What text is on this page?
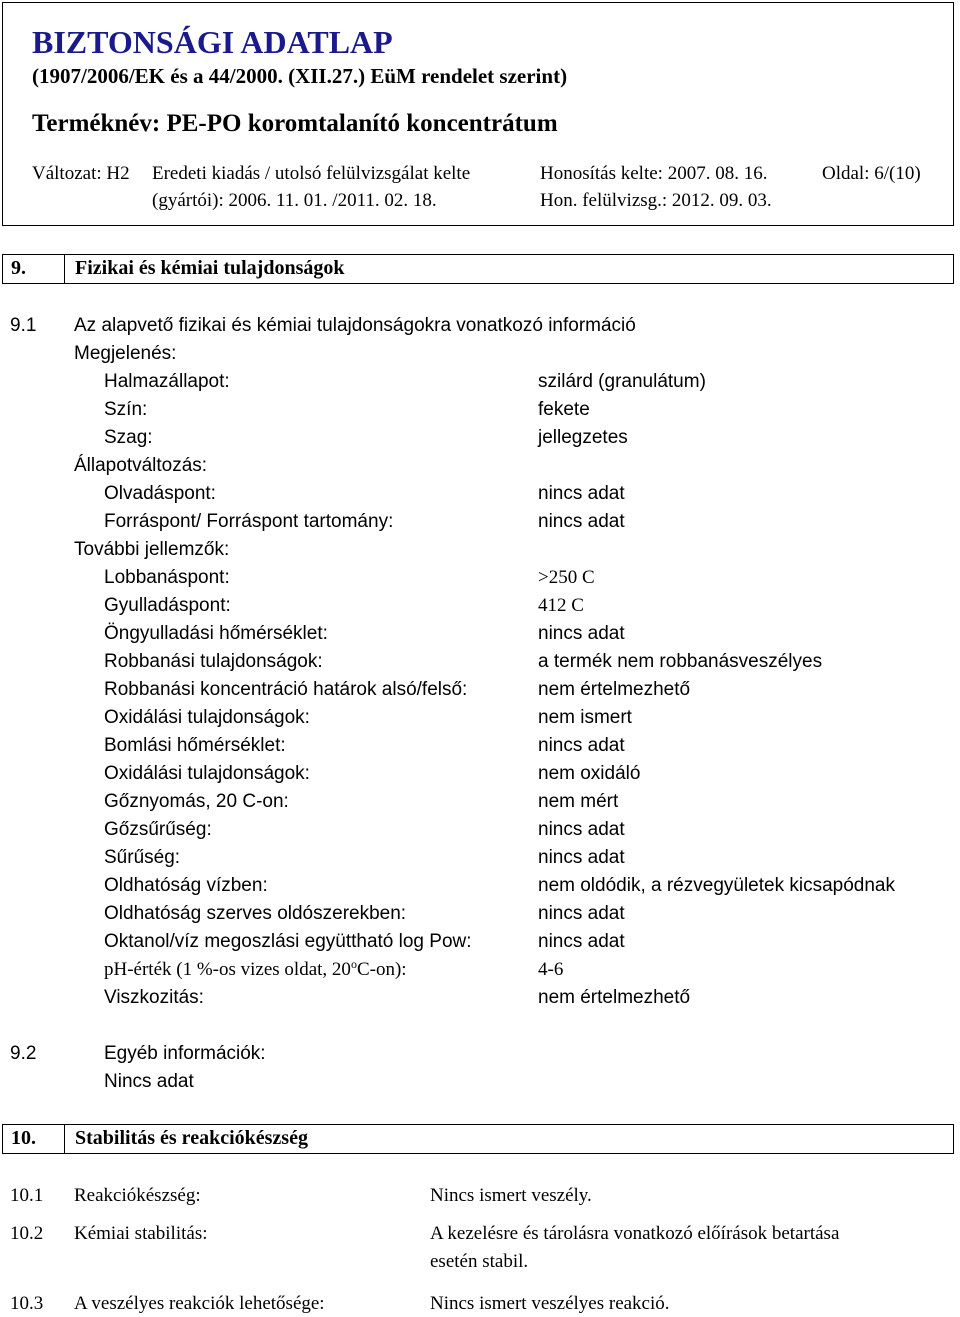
BIZTONSÁGI ADATLAP
(1907/2006/EK és a 44/2000. (XII.27.) EüM rendelet szerint)
Terméknév: PE-PO koromtalanító koncentrátum
Változat: H2 Eredeti kiadás / utolsó felülvizsgálat kelte
(gyártói): 2006. 11. 01. /2011. 02. 18.
Honosítás kelte: 2007. 08. 16.
Hon. felülvizsg.: 2012. 09. 03.
Oldal: 6/(10)
9.	Fizikai és kémiai tulajdonságok
9.1 Az alapvető fizikai és kémiai tulajdonságokra vonatkozó információ
Megjelenés:
Halmazállapot:	szilárd (granulátum)
Szín:	fekete
Szag:	jellegzetes
Állapotváltozás:
Olvadáspont:	nincs adat
Forráspont/ Forráspont tartomány:	nincs adat
További jellemzők:
Lobbanáspont:	>250 C
Gyulladáspont:	412 C
Öngyulladási hőmérséklet:	nincs adat
Robbanási tulajdonságok:	a termék nem robbanásveszélyes
Robbanási koncentráció határok alsó/felső:	nem értelmezhető
Oxidálási tulajdonságok:	nem ismert
Bomlási hőmérséklet:	nincs adat
Oxidálási tulajdonságok:	nem oxidáló
Gőznyomás, 20 C-on:	nem mért
Gőzsűrűség:	nincs adat
Sűrűség:	nincs adat
Oldhatóság vízben:	nem oldódik, a rézvegyületek kicsapódnak
Oldhatóság szerves oldószerekben:	nincs adat
Oktanol/víz megoszlási együttható log Pow:	nincs adat
pH-érték (1 %-os vizes oldat, 20$^o$C-on):	4-6
Viszkozitás:	nem értelmezhető
9.2	Egyéb információk:
Nincs adat
10.	Stabilitás és reakciókészség
10.1 Reakciókészség:	Nincs ismert veszély.
10.2 Kémiai stabilitás:	A kezelésre és tárolásra vonatkozó előírások betartása
esetén stabil.
10.3 A veszélyes reakciók lehetősége:	Nincs ismert veszélyes reakció.
